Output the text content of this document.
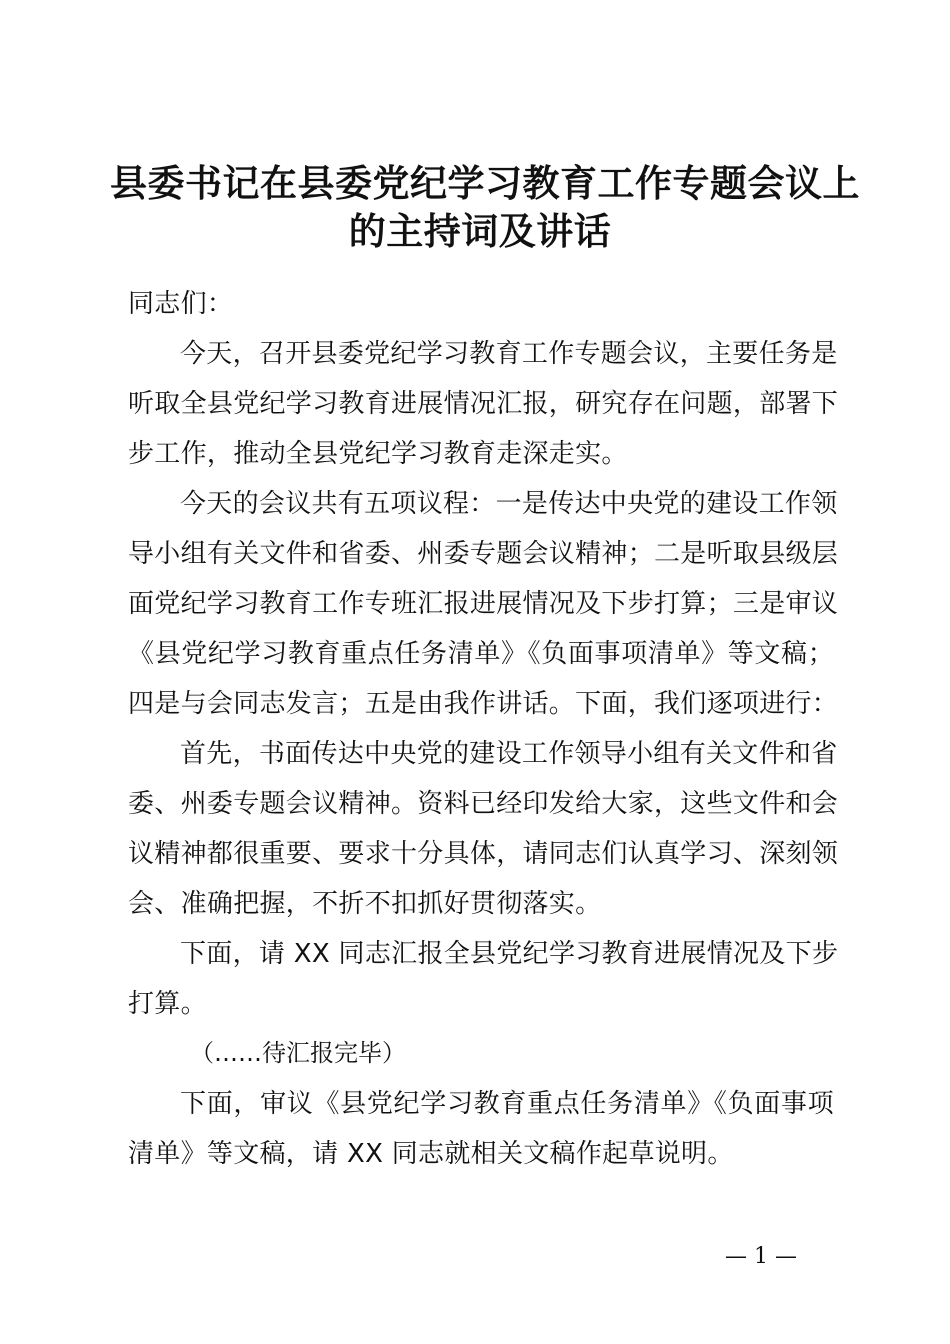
县委书记在县委党纪学习教育工作专题会议上
的主持词及讲话
同志们：
今天，召开县委党纪学习教育工作专题会议，主要任务是
听取全县党纪学习教育进展情况汇报，研究存在问题，部署下
步工作，推动全县党纪学习教育走深走实。
今天的会议共有五项议程：一是传达中央党的建设工作领
导小组有关文件和省委、州委专题会议精神；二是听取县级层
面党纪学习教育工作专班汇报进展情况及下步打算；三是审议
《县党纪学习教育重点任务清单》《负面事项清单》等文稿；
四是与会同志发言；五是由我作讲话。下面，我们逐项进行：
首先，书面传达中央党的建设工作领导小组有关文件和省
委、州委专题会议精神。资料已经印发给大家，这些文件和会
议精神都很重要、要求十分具体，请同志们认真学习、深刻领
会、准确把握，不折不扣抓好贯彻落实。
下面，请 XX 同志汇报全县党纪学习教育进展情况及下步
打算。
（……待汇报完毕）
下面，审议《县党纪学习教育重点任务清单》《负面事项
清单》等文稿，请 XX 同志就相关文稿作起草说明。
— 1 —
